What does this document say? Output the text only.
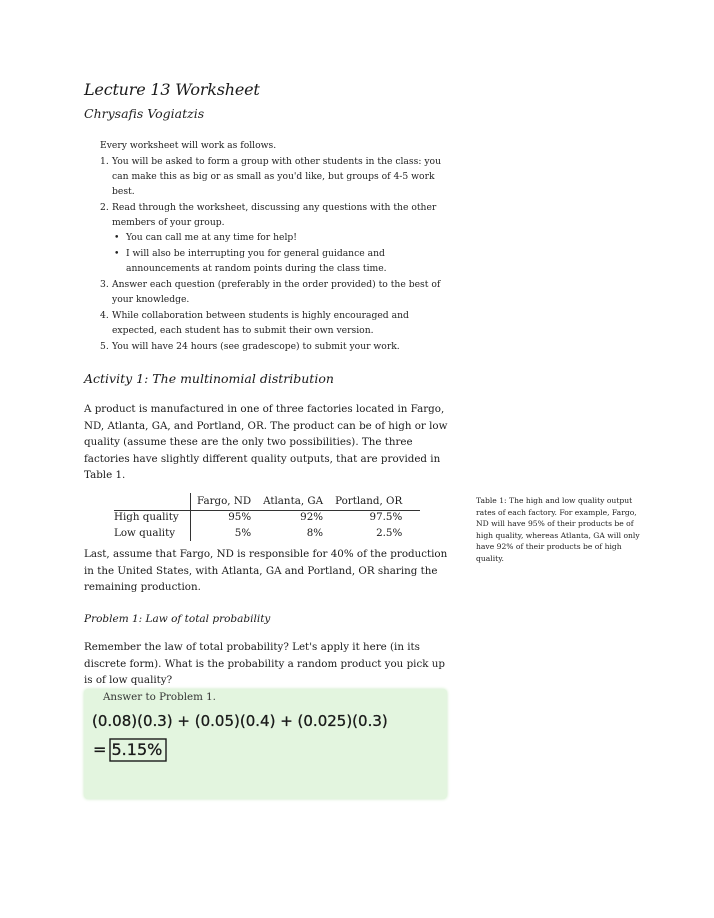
Lecture 13 Worksheet
Chrysafis Vogiatzis

Every worksheet will work as follows.

1. You will be asked to form a group with other students in the class: you can make this as big or as small as you'd like, but groups of 4-5 work best.
2. Read through the worksheet, discussing any questions with the other members of your group.
• You can call me at any time for help!
• I will also be interrupting you for general guidance and announcements at random points during the class time.
3. Answer each question (preferably in the order provided) to the best of your knowledge.
4. While collaboration between students is highly encouraged and expected, each student has to submit their own version.
5. You will have 24 hours (see gradescope) to submit your work.
Activity 1: The multinomial distribution
A product is manufactured in one of three factories located in Fargo, ND, Atlanta, GA, and Portland, OR. The product can be of high or low quality (assume these are the only two possibilities). The three factories have slightly different quality outputs, that are provided in Table 1.
	Fargo, ND	Atlanta, GA	Portland, OR
High quality	95%	92%	97.5%
Low quality	5%	8%	2.5%
Table 1: The high and low quality output rates of each factory. For example, Fargo, ND will have 95% of their products be of high quality, whereas Atlanta, GA will only have 92% of their products be of high quality.
Last, assume that Fargo, ND is responsible for 40% of the production in the United States, with Atlanta, GA and Portland, OR sharing the remaining production.
Problem 1: Law of total probability
Remember the law of total probability? Let's apply it here (in its discrete form). What is the probability a random product you pick up is of low quality?
Answer to Problem 1.
(0.08)(0.3) + (0.05)(0.4) + (0.025)(0.3)
= 5.15%
